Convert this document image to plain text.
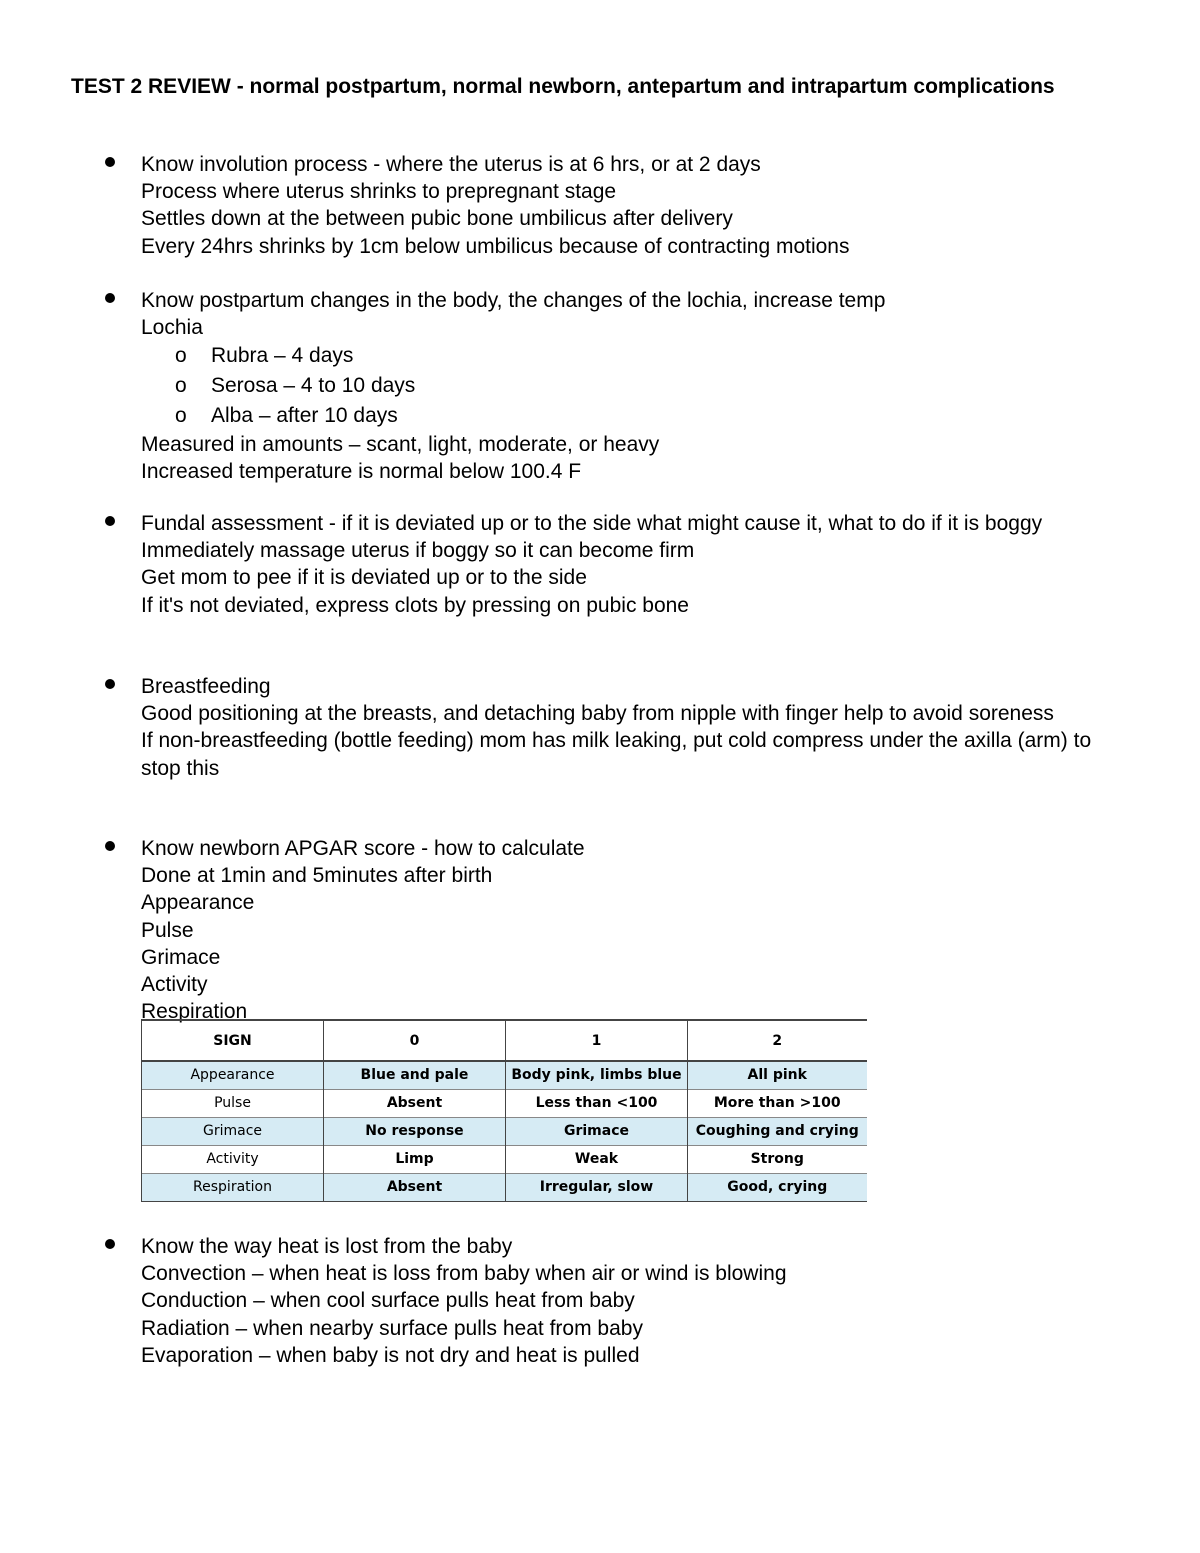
TEST 2 REVIEW - normal postpartum, normal newborn, antepartum and intrapartum complications
Know involution process - where the uterus is at 6 hrs, or at 2 days
Process where uterus shrinks to prepregnant stage
Settles down at the between pubic bone umbilicus after delivery
Every 24hrs shrinks by 1cm below umbilicus because of contracting motions
Know postpartum changes in the body, the changes of the lochia, increase temp
Lochia
o Rubra – 4 days
o Serosa – 4 to 10 days
o Alba – after 10 days
Measured in amounts – scant, light, moderate, or heavy
Increased temperature is normal below 100.4 F
Fundal assessment - if it is deviated up or to the side what might cause it, what to do if it is boggy
Immediately massage uterus if boggy so it can become firm
Get mom to pee if it is deviated up or to the side
If it's not deviated, express clots by pressing on pubic bone
Breastfeeding
Good positioning at the breasts, and detaching baby from nipple with finger help to avoid soreness
If non-breastfeeding (bottle feeding) mom has milk leaking, put cold compress under the axilla (arm) to stop this
Know newborn APGAR score - how to calculate
Done at 1min and 5minutes after birth
Appearance
Pulse
Grimace
Activity
Respiration
SIGN	0	1	2
Appearance	Blue and pale	Body pink, limbs blue	All pink
Pulse	Absent	Less than <100	More than >100
Grimace	No response	Grimace	Coughing and crying
Activity	Limp	Weak	Strong
Respiration	Absent	Irregular, slow	Good, crying
Know the way heat is lost from the baby
Convection – when heat is loss from baby when air or wind is blowing
Conduction – when cool surface pulls heat from baby
Radiation – when nearby surface pulls heat from baby
Evaporation – when baby is not dry and heat is pulled
